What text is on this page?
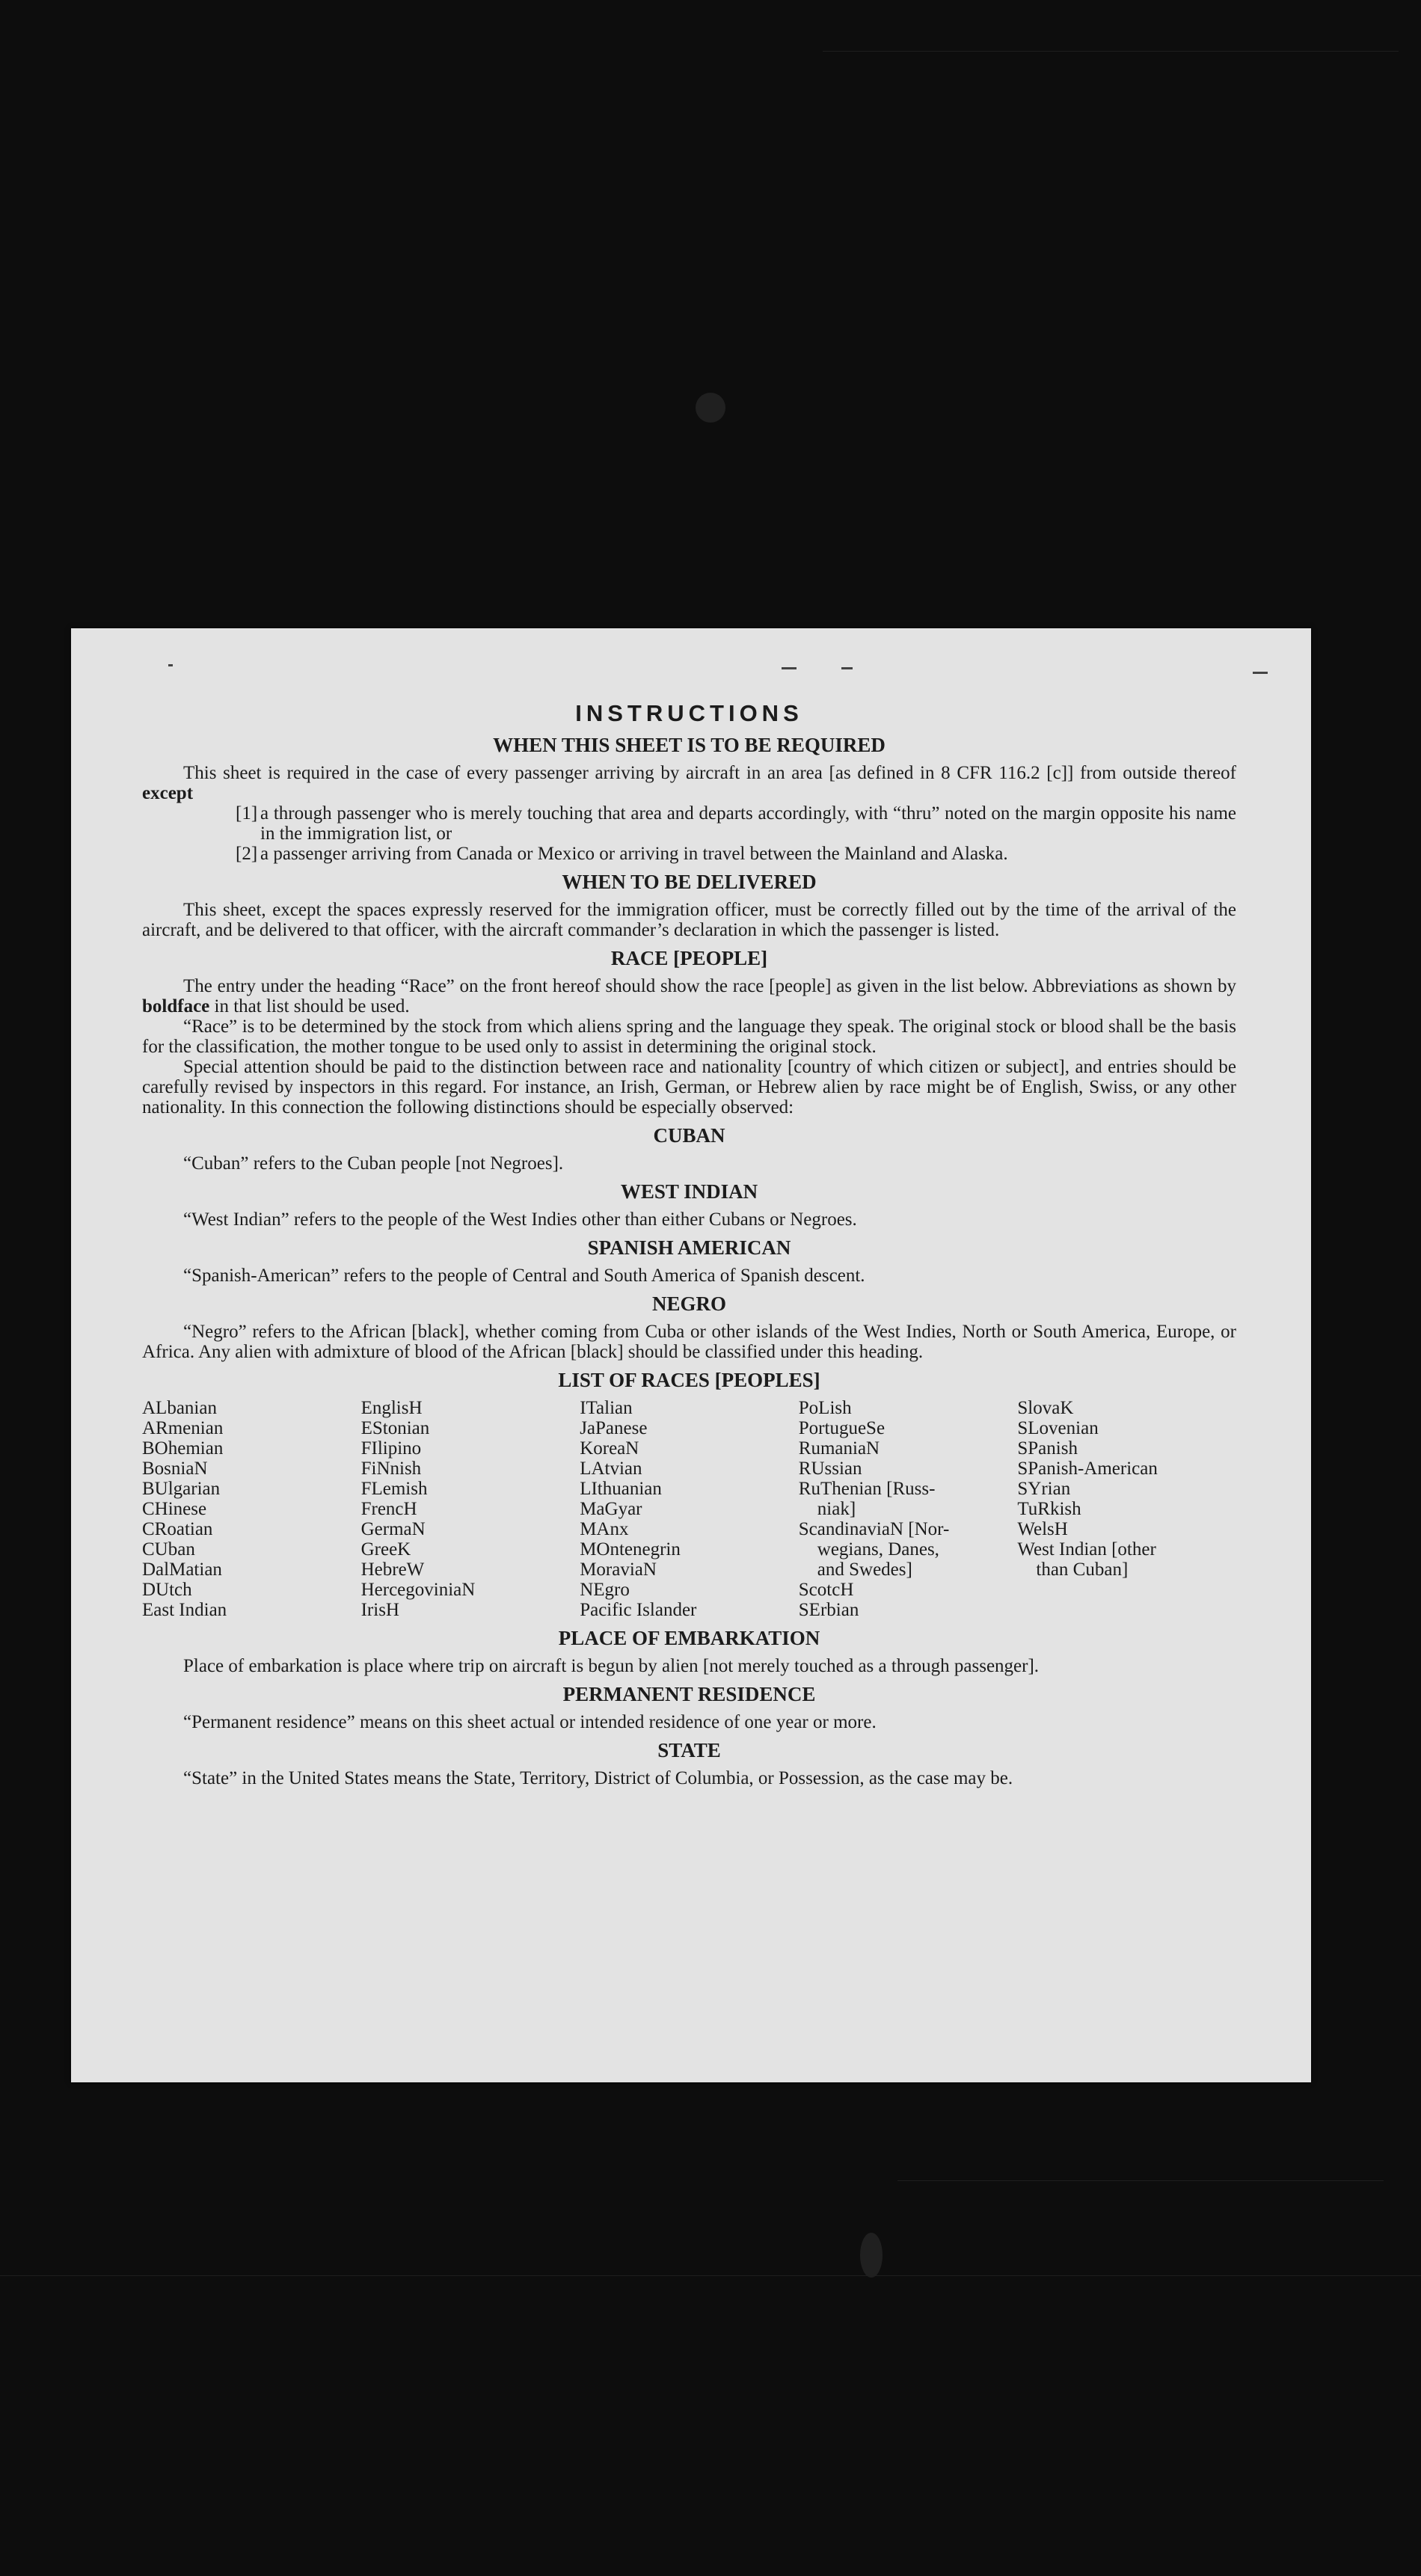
INSTRUCTIONS
WHEN THIS SHEET IS TO BE REQUIRED

This sheet is required in the case of every passenger arriving by aircraft in an area [as defined in 8 CFR 116.2 [c]] from outside thereof except

[1] a through passenger who is merely touching that area and departs accordingly, with “thru” noted on the margin opposite his name in the immigration list, or
[2] a passenger arriving from Canada or Mexico or arriving in travel between the Mainland and Alaska.
WHEN TO BE DELIVERED

This sheet, except the spaces expressly reserved for the immigration officer, must be correctly filled out by the time of the arrival of the aircraft, and be delivered to that officer, with the aircraft commander’s declaration in which the passenger is listed.

RACE [PEOPLE]

The entry under the heading “Race” on the front hereof should show the race [people] as given in the list below. Abbreviations as shown by boldface in that list should be used.

“Race” is to be determined by the stock from which aliens spring and the language they speak. The original stock or blood shall be the basis for the classification, the mother tongue to be used only to assist in determining the original stock.

Special attention should be paid to the distinction between race and nationality [country of which citizen or subject], and entries should be carefully revised by inspectors in this regard. For instance, an Irish, German, or Hebrew alien by race might be of English, Swiss, or any other nationality. In this connection the following distinctions should be especially observed:

CUBAN

“Cuban” refers to the Cuban people [not Negroes].

WEST INDIAN

“West Indian” refers to the people of the West Indies other than either Cubans or Negroes.

SPANISH AMERICAN

“Spanish-American” refers to the people of Central and South America of Spanish descent.

NEGRO

“Negro” refers to the African [black], whether coming from Cuba or other islands of the West Indies, North or South America, Europe, or Africa. Any alien with admixture of blood of the African [black] should be classified under this heading.

LIST OF RACES [PEOPLES]
ALbanian
ARmenian
BOhemian
BosniaN
BUlgarian
CHinese
CRoatian
CUban
DalMatian
DUtch
East Indian
EnglisH
EStonian
FIlipino
FiNnish
FLemish
FrencH
GermaN
GreeK
HebreW
HercegoviniaN
IrisH
ITalian
JaPanese
KoreaN
LAtvian
LIthuanian
MaGyar
MAnx
MOntenegrin
MoraviaN
NEgro
Pacific Islander
PoLish
PortugueSe
RumaniaN
RUssian
RuThenian [Russ-
niak]
ScandinaviaN [Nor-
wegians, Danes,
and Swedes]
ScotcH
SErbian
SlovaK
SLovenian
SPanish
SPanish-American
SYrian
TuRkish
WelsH
West Indian [other
than Cuban]
PLACE OF EMBARKATION

Place of embarkation is place where trip on aircraft is begun by alien [not merely touched as a through passenger].

PERMANENT RESIDENCE

“Permanent residence” means on this sheet actual or intended residence of one year or more.

STATE

“State” in the United States means the State, Territory, District of Columbia, or Possession, as the case may be.
